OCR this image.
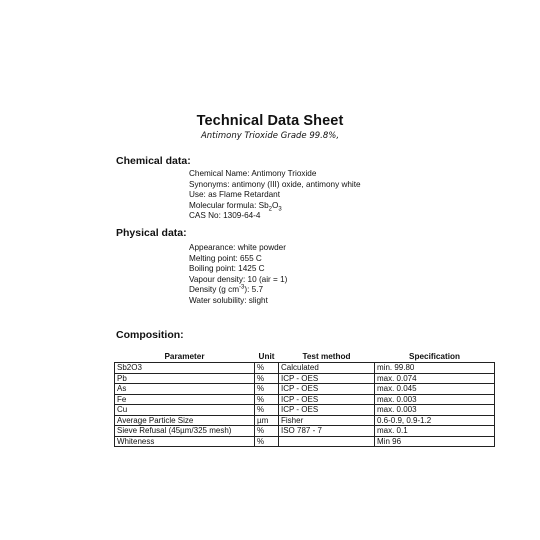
Technical Data Sheet
Antimony Trioxide Grade 99.8%,
Chemical data:
Chemical Name: Antimony Trioxide
Synonyms: antimony (III) oxide, antimony white
Use: as Flame Retardant
Molecular formula: $Sb_2O_3$
CAS No: 1309-64-4
Physical data:
Appearance: white powder
Melting point: 655 C
Boiling point: 1425 C
Vapour density: 10 (air = 1)
Density (g $cm^{-3}$): 5.7
Water solubility: slight
Composition:
Parameter	Unit	Test method	Specification
Sb2O3	%	Calculated	min. 99.80
Pb	%	ICP - OES	max. 0.074
As	%	ICP - OES	max. 0.045
Fe	%	ICP - OES	max. 0.003
Cu	%	ICP - OES	max. 0.003
Average Particle Size	µm	Fisher	0.6-0.9, 0.9-1.2
Sieve Refusal (45µm/325 mesh)	%	ISO 787 - 7	max. 0.1
Whiteness	%		Min 96
